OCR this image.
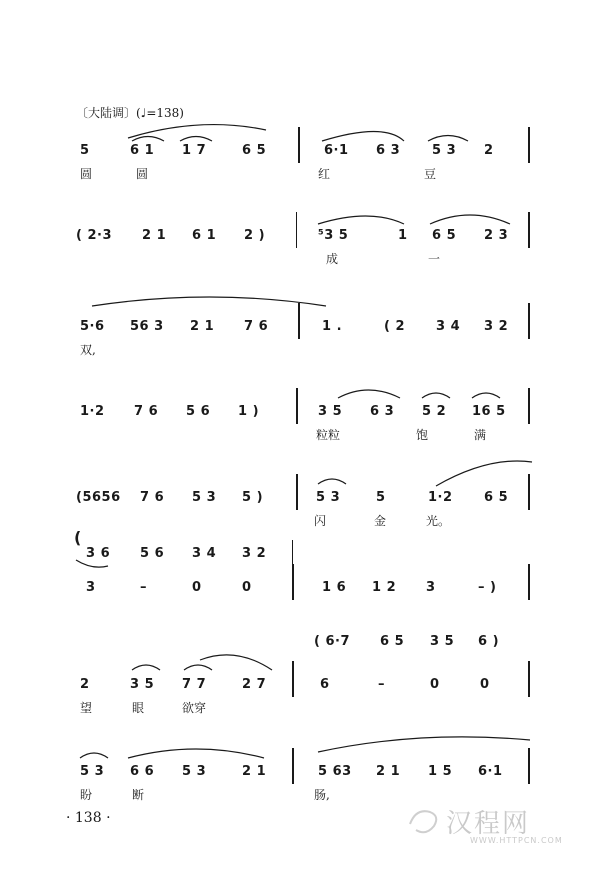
〔大陆调〕(♩=138)
5	6 1 1 7	6 5	6·1 6 3 5 3 2
圆	圆	红	豆
( 2·3 2 1 6 1 2 )	⁵3 5	1 6 5 2 3
成	一
5·6 56 3 2 1 7 6	1 .	( 2 3 4 3 2
双,
1·2 7 6 5 6 1 )	3 5 6 3 5 2 16 5
粒粒	饱	满
(5656 7 6 5 3 5 )	5 3	5	1·2 6 5
闪	金	光。
(
3 6 5 6 3 4 3 2
3	–	0	0	1 6 1 2 3	– )
( 6·7 6 5 3 5 6 )
2	3 5 7 7	2 7	6	–	0	0
望	眼	欲穿
5 3 6 6 5 3	2 1	5 63 2 1 1 5 6·1
盼	断	肠,
· 138 ·	汉程网
WWW.HTTPCN.COM
